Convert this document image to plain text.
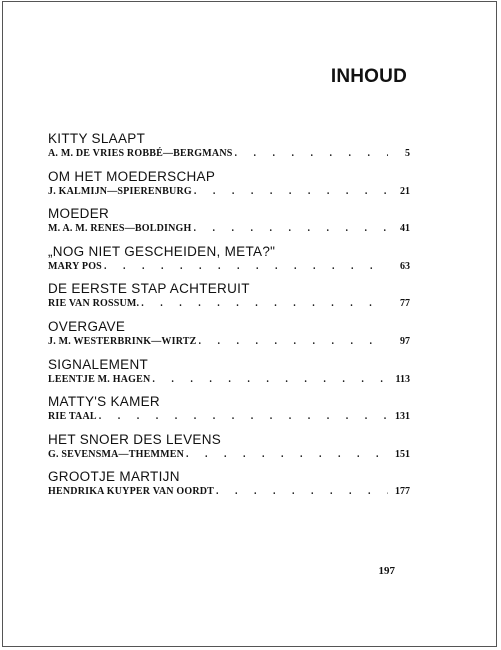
INHOUD
KITTY SLAAPT
A. M. DE VRIES ROBBÉ—BERGMANS . . .	5
OM HET MOEDERSCHAP
J. KALMIJN—SPIERENBURG . . .	21
MOEDER
M. A. M. RENES—BOLDINGH . . .	41
„NOG NIET GESCHEIDEN, META?"
MARY POS . . .	63
DE EERSTE STAP ACHTERUIT
RIE VAN ROSSUM. . . .	77
OVERGAVE
J. M. WESTERBRINK—WIRTZ . . .	97
SIGNALEMENT
LEENTJE M. HAGEN . . .	113
MATTY'S KAMER
RIE TAAL . . .	131
HET SNOER DES LEVENS
G. SEVENSMA—THEMMEN . . .	151
GROOTJE MARTIJN
HENDRIKA KUYPER VAN OORDT . . .	177

197
